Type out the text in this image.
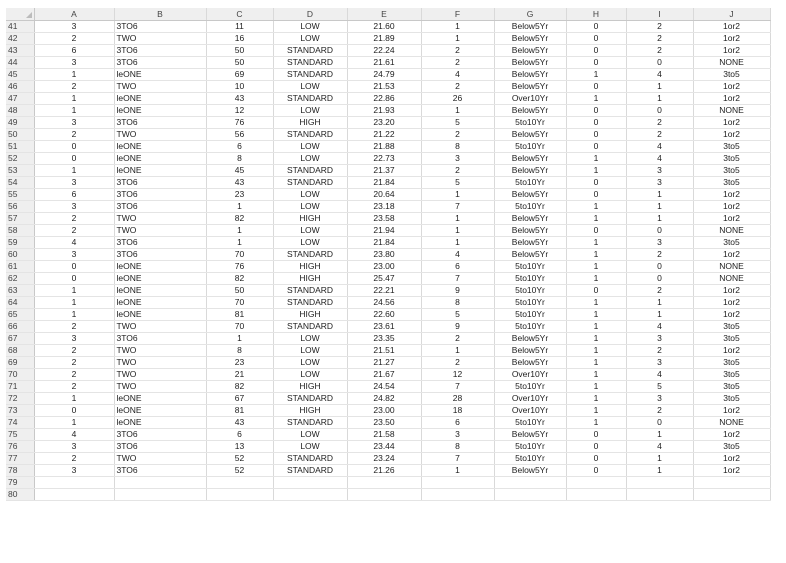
	A	B	C	D	E	F	G	H	I	J
41	3	3TO6	11	LOW	21.60	1	Below5Yr	0	2	1or2
42	2	TWO	16	LOW	21.89	1	Below5Yr	0	2	1or2
43	6	3TO6	50	STANDARD	22.24	2	Below5Yr	0	2	1or2
44	3	3TO6	50	STANDARD	21.61	2	Below5Yr	0	0	NONE
45	1	leONE	69	STANDARD	24.79	4	Below5Yr	1	4	3to5
46	2	TWO	10	LOW	21.53	2	Below5Yr	0	1	1or2
47	1	leONE	43	STANDARD	22.86	26	Over10Yr	1	1	1or2
48	1	leONE	12	LOW	21.93	1	Below5Yr	0	0	NONE
49	3	3TO6	76	HIGH	23.20	5	5to10Yr	0	2	1or2
50	2	TWO	56	STANDARD	21.22	2	Below5Yr	0	2	1or2
51	0	leONE	6	LOW	21.88	8	5to10Yr	0	4	3to5
52	0	leONE	8	LOW	22.73	3	Below5Yr	1	4	3to5
53	1	leONE	45	STANDARD	21.37	2	Below5Yr	1	3	3to5
54	3	3TO6	43	STANDARD	21.84	5	5to10Yr	0	3	3to5
55	6	3TO6	23	LOW	20.64	1	Below5Yr	0	1	1or2
56	3	3TO6	1	LOW	23.18	7	5to10Yr	1	1	1or2
57	2	TWO	82	HIGH	23.58	1	Below5Yr	1	1	1or2
58	2	TWO	1	LOW	21.94	1	Below5Yr	0	0	NONE
59	4	3TO6	1	LOW	21.84	1	Below5Yr	1	3	3to5
60	3	3TO6	70	STANDARD	23.80	4	Below5Yr	1	2	1or2
61	0	leONE	76	HIGH	23.00	6	5to10Yr	1	0	NONE
62	0	leONE	82	HIGH	25.47	7	5to10Yr	1	0	NONE
63	1	leONE	50	STANDARD	22.21	9	5to10Yr	0	2	1or2
64	1	leONE	70	STANDARD	24.56	8	5to10Yr	1	1	1or2
65	1	leONE	81	HIGH	22.60	5	5to10Yr	1	1	1or2
66	2	TWO	70	STANDARD	23.61	9	5to10Yr	1	4	3to5
67	3	3TO6	1	LOW	23.35	2	Below5Yr	1	3	3to5
68	2	TWO	8	LOW	21.51	1	Below5Yr	1	2	1or2
69	2	TWO	23	LOW	21.27	2	Below5Yr	1	3	3to5
70	2	TWO	21	LOW	21.67	12	Over10Yr	1	4	3to5
71	2	TWO	82	HIGH	24.54	7	5to10Yr	1	5	3to5
72	1	leONE	67	STANDARD	24.82	28	Over10Yr	1	3	3to5
73	0	leONE	81	HIGH	23.00	18	Over10Yr	1	2	1or2
74	1	leONE	43	STANDARD	23.50	6	5to10Yr	1	0	NONE
75	4	3TO6	6	LOW	21.58	3	Below5Yr	0	1	1or2
76	3	3TO6	13	LOW	23.44	8	5to10Yr	0	4	3to5
77	2	TWO	52	STANDARD	23.24	7	5to10Yr	0	1	1or2
78	3	3TO6	52	STANDARD	21.26	1	Below5Yr	0	1	1or2
79										
80										
